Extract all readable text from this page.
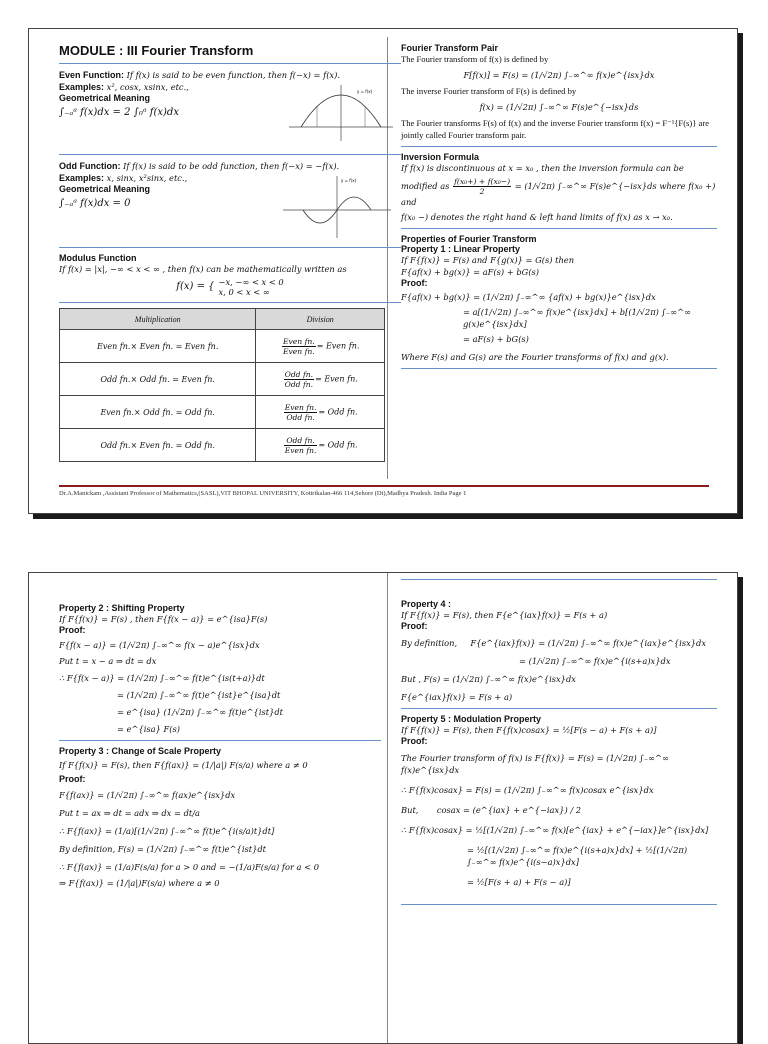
MODULE : III Fourier Transform
Even Function: If f(x) is said to be even function, then f(−x) = f(x).
Examples: x², cosx, xsinx, etc.,
Geometrical Meaning
∫₋ₐᵃ f(x)dx = 2 ∫₀ᵃ f(x)dx
y = f(x)
Odd Function: If f(x) is said to be odd function, then f(−x) = −f(x).
Examples: x, sinx, x²sinx, etc.,
Geometrical Meaning
∫₋ₐᵃ f(x)dx = 0
y = f(x)
Modulus Function
If f(x) = |x|, −∞ < x < ∞ , then f(x) can be mathematically written as
f(x) = { −x, −∞ < x < 0
x, 0 < x < ∞
Multiplication	Division
Even fn.× Even fn. = Even fn.	$\frac{\text{Even fn.}}{\text{Even fn.}}$ = Even fn.
Odd fn.× Odd fn. = Even fn.	$\frac{\text{Odd fn.}}{\text{Odd fn.}}$ = Even fn.
Even fn.× Odd fn. = Odd fn.	$\frac{\text{Even fn.}}{\text{Odd fn.}}$ = Odd fn.
Odd fn.× Even fn. = Odd fn.	$\frac{\text{Odd fn.}}{\text{Even fn.}}$ = Odd fn.
Fourier Transform Pair
The Fourier transform of f(x) is defined by
F[f(x)] = F(s) = (1/√2π) ∫₋∞^∞ f(x)e^{isx}dx
The inverse Fourier transform of F(s) is defined by
f(x) = (1/√2π) ∫₋∞^∞ F(s)e^{−isx}ds
The Fourier transforms F(s) of f(x) and the inverse Fourier transform f(x) = F⁻¹{F(s)} are jointly called Fourier transform pair.
Inversion Formula
If f(x) is discontinuous at x = x₀ , then the inversion formula can be
modified as $\frac{\text{f(x₀+) + f(x₀−)}}{2} = (1/√2\pi)$ ∫₋∞^∞ F(s)e^{−isx}ds where f(x₀ +) and
f(x₀ −) denotes the right hand & left hand limits of f(x) as x → x₀.
Properties of Fourier Transform
Property 1 : Linear Property
If F{f(x)} = F(s) and F{g(x)} = G(s) then
F{af(x) + bg(x)} = aF(s) + bG(s)
Proof:
F{af(x) + bg(x)} = (1/√2π) ∫₋∞^∞ {af(x) + bg(x)}e^{isx}dx
= a[(1/√2π) ∫₋∞^∞ f(x)e^{isx}dx] + b[(1/√2π) ∫₋∞^∞ g(x)e^{isx}dx]
= aF(s) + bG(s)
Where F(s) and G(s) are the Fourier transforms of f(x) and g(x).
Dr.A.Manickam ,Assistant Professor of Mathematics,(SASL),VIT BHOPAL UNIVERSITY, Kottrikalan-466 114,Sehore (Dt),Madhya Pradesh. India Page 1
Property 2 : Shifting Property
If F{f(x)} = F(s) , then F{f(x − a)} = e^{isa}F(s)
Proof:
F{f(x − a)} = (1/√2π) ∫₋∞^∞ f(x − a)e^{isx}dx
Put t = x − a ⇒ dt = dx
∴ F{f(x − a)} = (1/√2π) ∫₋∞^∞ f(t)e^{is(t+a)}dt
= (1/√2π) ∫₋∞^∞ f(t)e^{ist}e^{isa}dt
= e^{isa} (1/√2π) ∫₋∞^∞ f(t)e^{ist}dt
= e^{isa} F(s)
Property 3 : Change of Scale Property
If F{f(x)} = F(s), then F{f(ax)} = (1/|a|) F(s/a) where a ≠ 0
Proof:
F{f(ax)} = (1/√2π) ∫₋∞^∞ f(ax)e^{isx}dx
Put t = ax ⇒ dt = adx ⇒ dx = dt/a
∴ F{f(ax)} = (1/a)[(1/√2π) ∫₋∞^∞ f(t)e^{i(s/a)t}dt]
By definition, F(s) = (1/√2π) ∫₋∞^∞ f(t)e^{ist}dt
∴ F{f(ax)} = (1/a)F(s/a) for a > 0 and = −(1/a)F(s/a) for a < 0
⇒ F{f(ax)} = (1/|a|)F(s/a) where a ≠ 0
Property 4 :
If F{f(x)} = F(s), then F{e^{iax}f(x)} = F(s + a)
Proof:
By definition, F{e^{iax}f(x)} = (1/√2π) ∫₋∞^∞ f(x)e^{iax}e^{isx}dx
= (1/√2π) ∫₋∞^∞ f(x)e^{i(s+a)x}dx
But , F(s) = (1/√2π) ∫₋∞^∞ f(x)e^{isx}dx
F{e^{iax}f(x)} = F(s + a)
Property 5 : Modulation Property
If F{f(x)} = F(s), then F{f(x)cosax} = ½[F(s − a) + F(s + a)]
Proof:
The Fourier transform of f(x) is F{f(x)} = F(s) = (1/√2π) ∫₋∞^∞ f(x)e^{isx}dx
∴ F{f(x)cosax} = F(s) = (1/√2π) ∫₋∞^∞ f(x)cosax e^{isx}dx
But, cosax = (e^{iax} + e^{−iax}) / 2
∴ F{f(x)cosax} = ½[(1/√2π) ∫₋∞^∞ f(x)[e^{iax} + e^{−iax}]e^{isx}dx]
= ½[(1/√2π) ∫₋∞^∞ f(x)e^{i(s+a)x}dx] + ½[(1/√2π) ∫₋∞^∞ f(x)e^{i(s−a)x}dx]
= ½[F(s + a) + F(s − a)]
